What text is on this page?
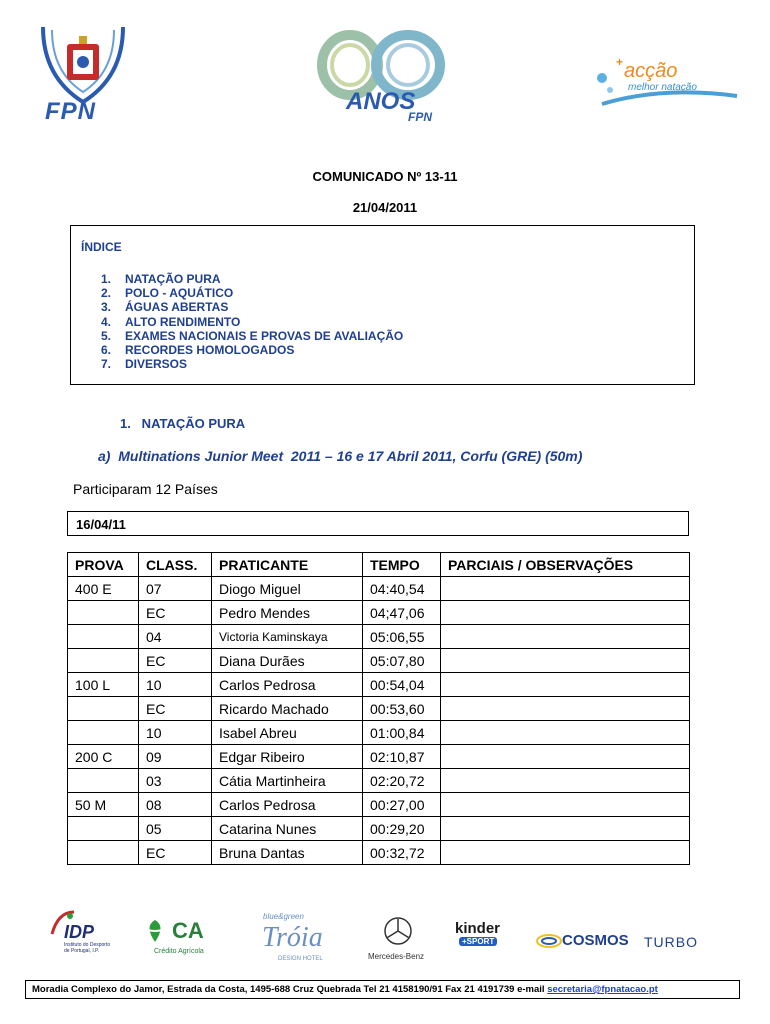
FPN	ANOS
FPN
+ acção
melhor natação
COMUNICADO Nº 13-11
21/04/2011
ÍNDICE
1. NATAÇÃO PURA
2. POLO - AQUÁTICO
3. ÁGUAS ABERTAS
4. ALTO RENDIMENTO
5. EXAMES NACIONAIS E PROVAS DE AVALIAÇÃO
6. RECORDES HOMOLOGADOS
7. DIVERSOS
1.   NATAÇÃO PURA
a)  Multinations Junior Meet  2011 – 16 e 17 Abril 2011, Corfu (GRE) (50m)
Participaram 12 Países
16/04/11
PROVA	CLASS.	PRATICANTE	TEMPO	PARCIAIS / OBSERVAÇÕES
400 E	07	Diogo Miguel	04:40,54	
	EC	Pedro Mendes	04;47,06	
	04	Victoria Kaminskaya	05:06,55	
	EC	Diana Durães	05:07,80	
100 L	10	Carlos Pedrosa	00:54,04	
	EC	Ricardo Machado	00:53,60	
	10	Isabel Abreu	01:00,84	
200 C	09	Edgar Ribeiro	02:10,87	
	03	Cátia Martinheira	02:20,72	
50 M	08	Carlos Pedrosa	00:27,00	
	05	Catarina Nunes	00:29,20	
	EC	Bruna Dantas	00:32,72	
IDP
Instituto do Desporto de Portugal, I.P.
CA
Crédito Agrícola
blue&green
Tróia
DESIGN HOTEL	Mercedes-Benz
kinder
+SPORT	COSMOS TURBO
Moradia Complexo do Jamor, Estrada da Costa, 1495-688 Cruz Quebrada Tel 21 4158190/91 Fax 21 4191739 e-mail secretaria@fpnatacao.pt
